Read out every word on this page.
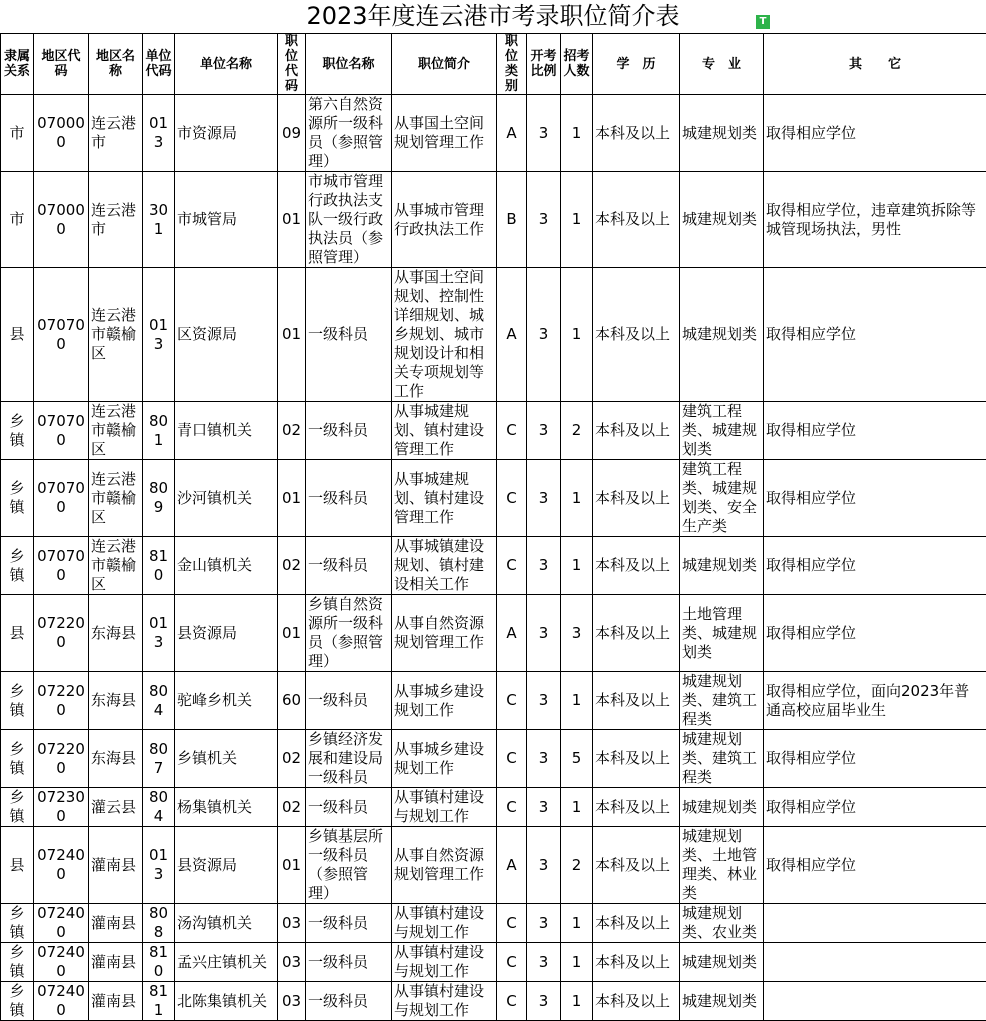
2023年度连云港市考录职位简介表	T
隶属关系	地区代码	地区名称	单位代码	单位名称	职位代码	职位名称	职位简介	职位类别	开考比例	招考人数	学　历	专　业	其　　它
市	070000	连云港市	013	市资源局	09	第六自然资源所一级科员（参照管理）	从事国土空间规划管理工作	A	3	1	本科及以上	城建规划类	取得相应学位
市	070000	连云港市	301	市城管局	01	市城市管理行政执法支队一级行政执法员（参照管理）	从事城市管理行政执法工作	B	3	1	本科及以上	城建规划类	取得相应学位，违章建筑拆除等城管现场执法，男性
县	070700	连云港市赣榆区	013	区资源局	01	一级科员	从事国土空间规划、控制性详细规划、城乡规划、城市规划设计和相关专项规划等工作	A	3	1	本科及以上	城建规划类	取得相应学位
乡镇	070700	连云港市赣榆区	801	青口镇机关	02	一级科员	从事城建规划、镇村建设管理工作	C	3	2	本科及以上	建筑工程类、城建规划类	取得相应学位
乡镇	070700	连云港市赣榆区	809	沙河镇机关	01	一级科员	从事城建规划、镇村建设管理工作	C	3	1	本科及以上	建筑工程类、城建规划类、安全生产类	取得相应学位
乡镇	070700	连云港市赣榆区	810	金山镇机关	02	一级科员	从事城镇建设规划、镇村建设相关工作	C	3	1	本科及以上	城建规划类	取得相应学位
县	072200	东海县	013	县资源局	01	乡镇自然资源所一级科员（参照管理）	从事自然资源规划管理工作	A	3	3	本科及以上	土地管理类、城建规划类	取得相应学位
乡镇	072200	东海县	804	驼峰乡机关	60	一级科员	从事城乡建设规划工作	C	3	1	本科及以上	城建规划类、建筑工程类	取得相应学位，面向2023年普通高校应届毕业生
乡镇	072200	东海县	807	乡镇机关	02	乡镇经济发展和建设局一级科员	从事城乡建设规划工作	C	3	5	本科及以上	城建规划类、建筑工程类	取得相应学位
乡镇	072300	灌云县	804	杨集镇机关	02	一级科员	从事镇村建设与规划工作	C	3	1	本科及以上	城建规划类	取得相应学位
县	072400	灌南县	013	县资源局	01	乡镇基层所一级科员（参照管理）	从事自然资源规划管理工作	A	3	2	本科及以上	城建规划类、土地管理类、林业类	取得相应学位
乡镇	072400	灌南县	808	汤沟镇机关	03	一级科员	从事镇村建设与规划工作	C	3	1	本科及以上	城建规划类、农业类	
乡镇	072400	灌南县	810	孟兴庄镇机关	03	一级科员	从事镇村建设与规划工作	C	3	1	本科及以上	城建规划类	
乡镇	072400	灌南县	811	北陈集镇机关	03	一级科员	从事镇村建设与规划工作	C	3	1	本科及以上	城建规划类	
